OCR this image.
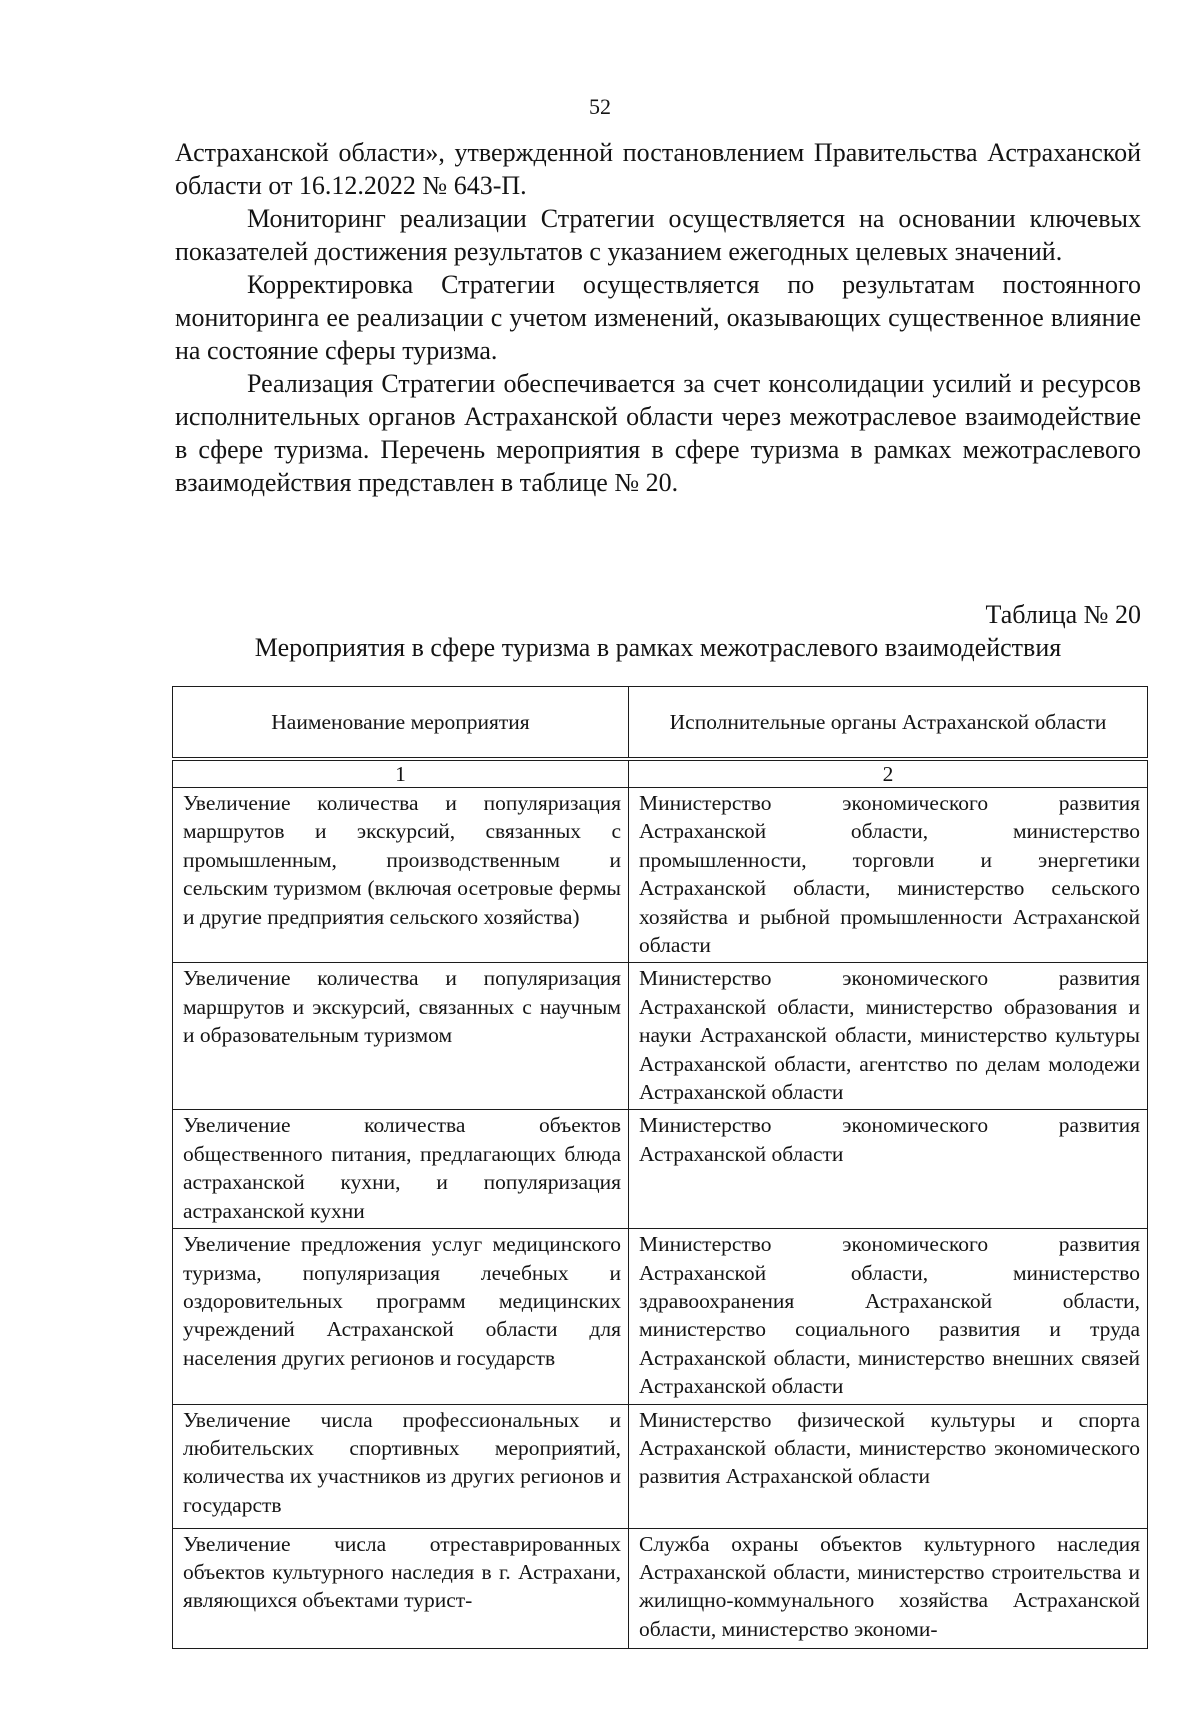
52

Астраханской области», утвержденной постановлением Правительства Астраханской области от 16.12.2022 № 643-П.

Мониторинг реализации Стратегии осуществляется на основании ключевых показателей достижения результатов с указанием ежегодных целевых значений.

Корректировка Стратегии осуществляется по результатам постоянного мониторинга ее реализации с учетом изменений, оказывающих существенное влияние на состояние сферы туризма.

Реализация Стратегии обеспечивается за счет консолидации усилий и ресурсов исполнительных органов Астраханской области через межотраслевое взаимодействие в сфере туризма. Перечень мероприятия в сфере туризма в рамках межотраслевого взаимодействия представлен в таблице № 20.

Таблица № 20
Мероприятия в сфере туризма в рамках межотраслевого взаимодействия
Наименование мероприятия	Исполнительные органы Астраханской области
1	2
Увеличение количества и популяризация маршрутов и экскурсий, связанных с промышленным, производственным и сельским туризмом (включая осетровые фермы и другие предприятия сельского хозяйства)	Министерство экономического развития Астраханской области, министерство промышленности, торговли и энергетики Астраханской области, министерство сельского хозяйства и рыбной промышленности Астраханской области
Увеличение количества и популяризация маршрутов и экскурсий, связанных с научным и образовательным туризмом	Министерство экономического развития Астраханской области, министерство образования и науки Астраханской области, министерство культуры Астраханской области, агентство по делам молодежи Астраханской области
Увеличение количества объектов общественного питания, предлагающих блюда астраханской кухни, и популяризация астраханской кухни	Министерство экономического развития Астраханской области
Увеличение предложения услуг медицинского туризма, популяризация лечебных и оздоровительных программ медицинских учреждений Астраханской области для населения других регионов и государств	Министерство экономического развития Астраханской области, министерство здравоохранения Астраханской области, министерство социального развития и труда Астраханской области, министерство внешних связей Астраханской области
Увеличение числа профессиональных и любительских спортивных мероприятий, количества их участников из других регионов и государств	Министерство физической культуры и спорта Астраханской области, министерство экономического развития Астраханской области
Увеличение числа отреставрированных объектов культурного наследия в г. Астрахани, являющихся объектами турист-	Служба охраны объектов культурного наследия Астраханской области, министерство строительства и жилищно-коммунального хозяйства Астраханской области, министерство экономи-
